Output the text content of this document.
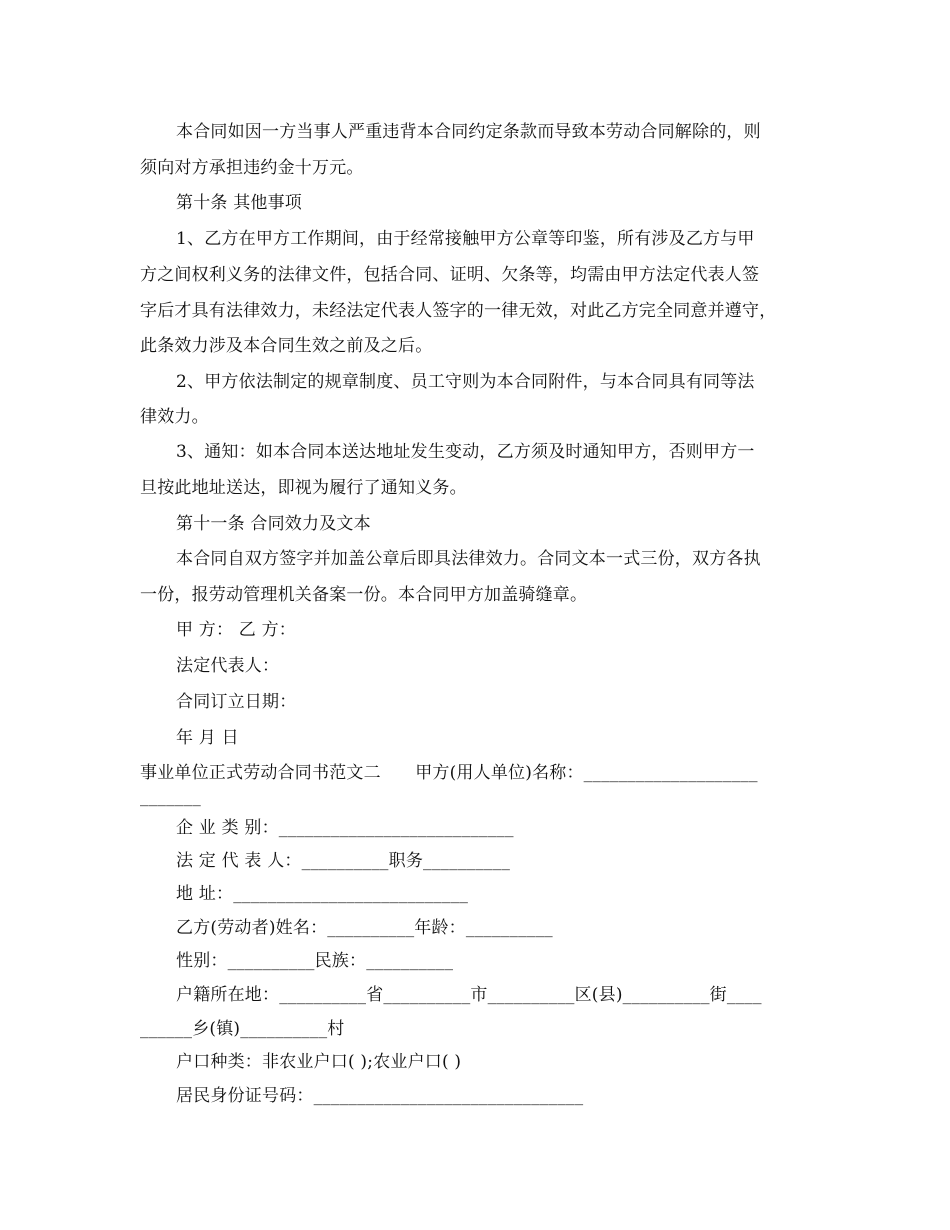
本合同如因一方当事人严重违背本合同约定条款而导致本劳动合同解除的，则
须向对方承担违约金十万元。
第十条 其他事项
1、乙方在甲方工作期间，由于经常接触甲方公章等印鉴，所有涉及乙方与甲
方之间权利义务的法律文件，包括合同、证明、欠条等，均需由甲方法定代表人签
字后才具有法律效力，未经法定代表人签字的一律无效，对此乙方完全同意并遵守，
此条效力涉及本合同生效之前及之后。
2、甲方依法制定的规章制度、员工守则为本合同附件，与本合同具有同等法
律效力。
3、通知：如本合同本送达地址发生变动，乙方须及时通知甲方，否则甲方一
旦按此地址送达，即视为履行了通知义务。
第十一条 合同效力及文本
本合同自双方签字并加盖公章后即具法律效力。合同文本一式三份，双方各执
一份，报劳动管理机关备案一份。本合同甲方加盖骑缝章。
甲 方： 乙 方：
法定代表人：
合同订立日期：
年 月 日
事业单位正式劳动合同书范文二　　甲方(用人单位)名称：____________________
_______
企 业 类 别：___________________________
法 定 代 表 人：__________职务__________
地 址：___________________________
乙方(劳动者)姓名：__________年龄：__________
性别：__________民族：__________
户籍所在地：__________省__________市__________区(县)__________街____
______乡(镇)__________村
户口种类：非农业户口( );农业户口( )
居民身份证号码：_______________________________
